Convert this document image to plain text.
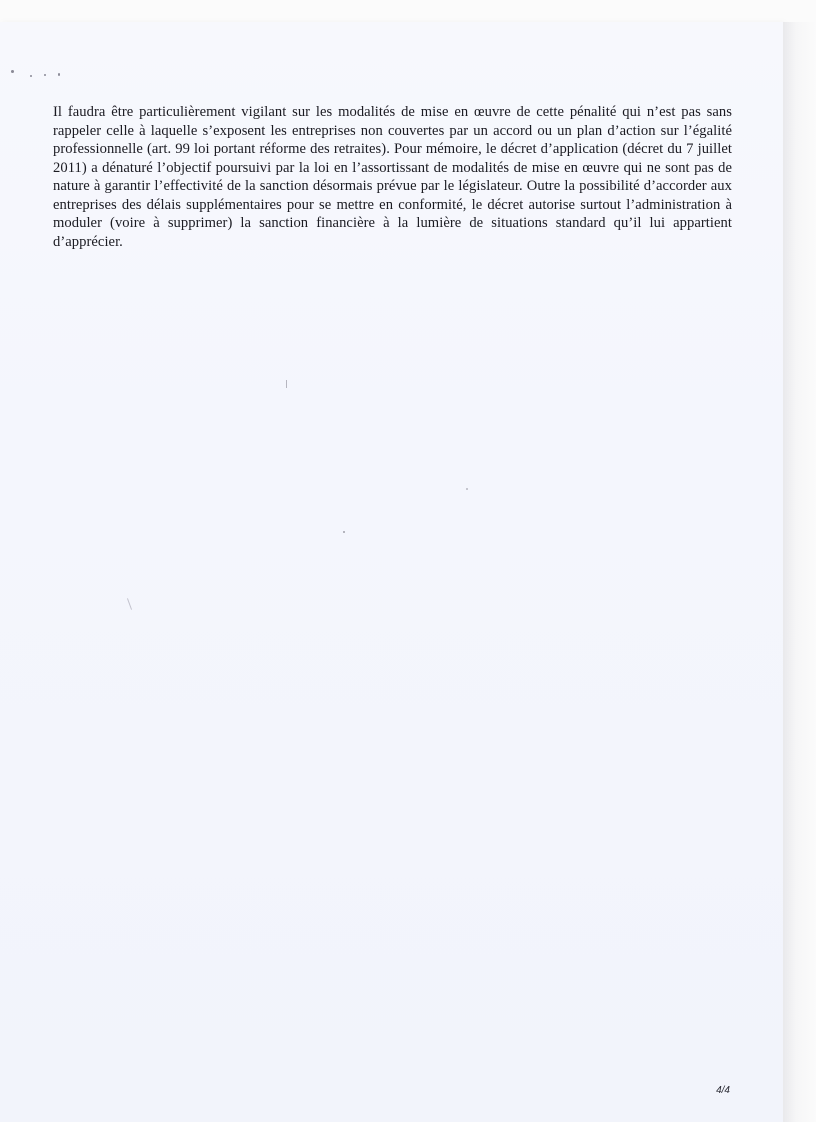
Il faudra être particulièrement vigilant sur les modalités de mise en œuvre de cette pénalité qui n’est pas sans rappeler celle à laquelle s’exposent les entreprises non couvertes par un accord ou un plan d’action sur l’égalité professionnelle (art. 99 loi portant réforme des retraites). Pour mémoire, le décret d’application (décret du 7 juillet 2011) a dénaturé l’objectif poursuivi par la loi en l’assortissant de modalités de mise en œuvre qui ne sont pas de nature à garantir l’effectivité de la sanction désormais prévue par le législateur. Outre la possibilité d’accorder aux entreprises des délais supplémentaires pour se mettre en conformité, le décret autorise surtout l’administration à moduler (voire à supprimer) la sanction financière à la lumière de situations standard qu’il lui appartient d’apprécier.

4/4
